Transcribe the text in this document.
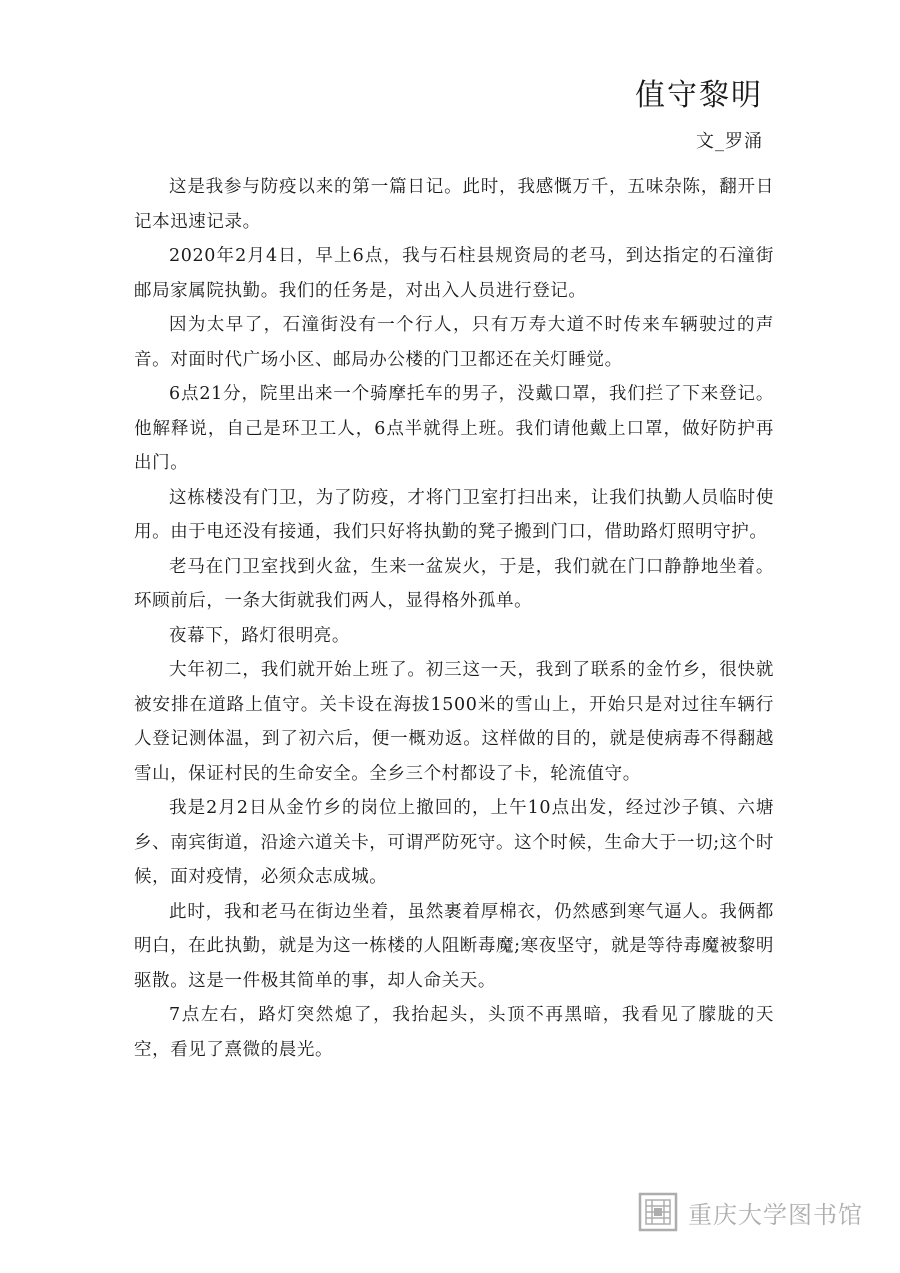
值守黎明
文_罗涌

这是我参与防疫以来的第一篇日记。此时，我感慨万千，五味杂陈，翻开日记本迅速记录。

2020年2月4日，早上6点，我与石柱县规资局的老马，到达指定的石潼街邮局家属院执勤。我们的任务是，对出入人员进行登记。

因为太早了，石潼街没有一个行人，只有万寿大道不时传来车辆驶过的声音。对面时代广场小区、邮局办公楼的门卫都还在关灯睡觉。

6点21分，院里出来一个骑摩托车的男子，没戴口罩，我们拦了下来登记。他解释说，自己是环卫工人，6点半就得上班。我们请他戴上口罩，做好防护再出门。

这栋楼没有门卫，为了防疫，才将门卫室打扫出来，让我们执勤人员临时使用。由于电还没有接通，我们只好将执勤的凳子搬到门口，借助路灯照明守护。

老马在门卫室找到火盆，生来一盆炭火，于是，我们就在门口静静地坐着。环顾前后，一条大街就我们两人，显得格外孤单。

夜幕下，路灯很明亮。

大年初二，我们就开始上班了。初三这一天，我到了联系的金竹乡，很快就被安排在道路上值守。关卡设在海拔1500米的雪山上，开始只是对过往车辆行人登记测体温，到了初六后，便一概劝返。这样做的目的，就是使病毒不得翻越雪山，保证村民的生命安全。全乡三个村都设了卡，轮流值守。

我是2月2日从金竹乡的岗位上撤回的，上午10点出发，经过沙子镇、六塘乡、南宾街道，沿途六道关卡，可谓严防死守。这个时候，生命大于一切;这个时候，面对疫情，必须众志成城。

此时，我和老马在街边坐着，虽然裹着厚棉衣，仍然感到寒气逼人。我俩都明白，在此执勤，就是为这一栋楼的人阻断毒魔;寒夜坚守，就是等待毒魔被黎明驱散。这是一件极其简单的事，却人命关天。

7点左右，路灯突然熄了，我抬起头，头顶不再黑暗，我看见了朦胧的天空，看见了熹微的晨光。

重庆大学图书馆
